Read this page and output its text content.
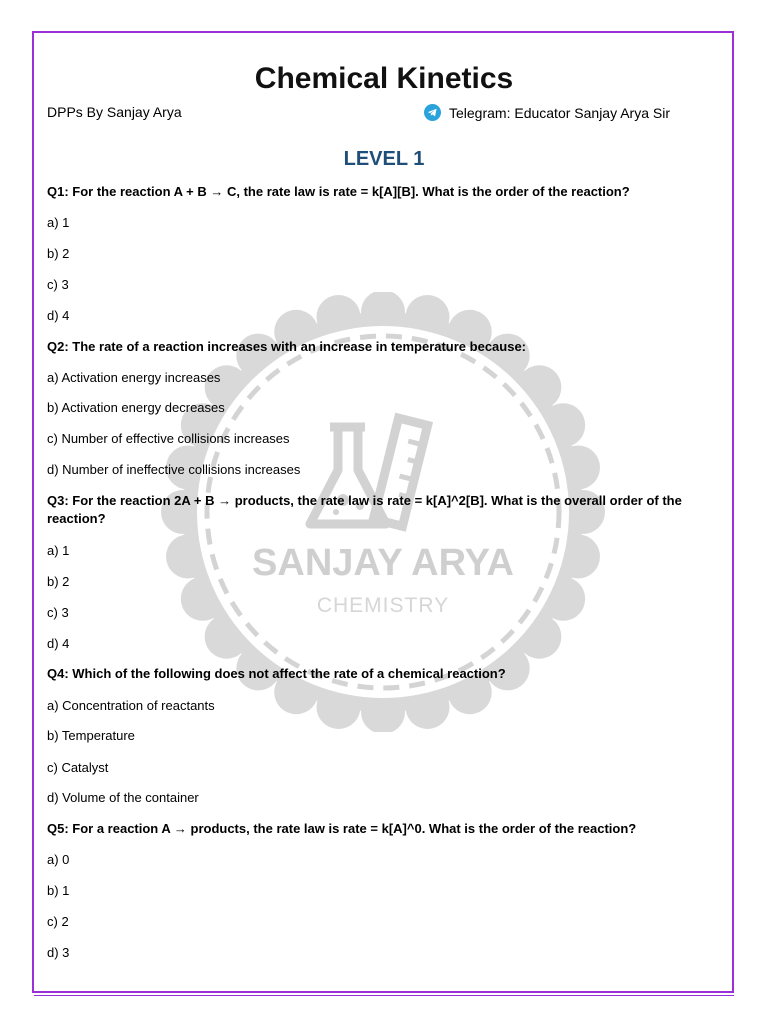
SANJAY ARYA
CHEMISTRY
Chemical Kinetics
DPPs By Sanjay Arya	Telegram: Educator Sanjay Arya Sir
LEVEL 1
Q1: For the reaction A + B → C, the rate law is rate = k[A][B]. What is the order of the reaction?
a) 1
b) 2
c) 3
d) 4
Q2: The rate of a reaction increases with an increase in temperature because:
a) Activation energy increases
b) Activation energy decreases
c) Number of effective collisions increases
d) Number of ineffective collisions increases
Q3: For the reaction 2A + B → products, the rate law is rate = k[A]^2[B]. What is the overall order of the reaction?
a) 1
b) 2
c) 3
d) 4
Q4: Which of the following does not affect the rate of a chemical reaction?
a) Concentration of reactants
b) Temperature
c) Catalyst
d) Volume of the container
Q5: For a reaction A → products, the rate law is rate = k[A]^0. What is the order of the reaction?
a) 0
b) 1
c) 2
d) 3
